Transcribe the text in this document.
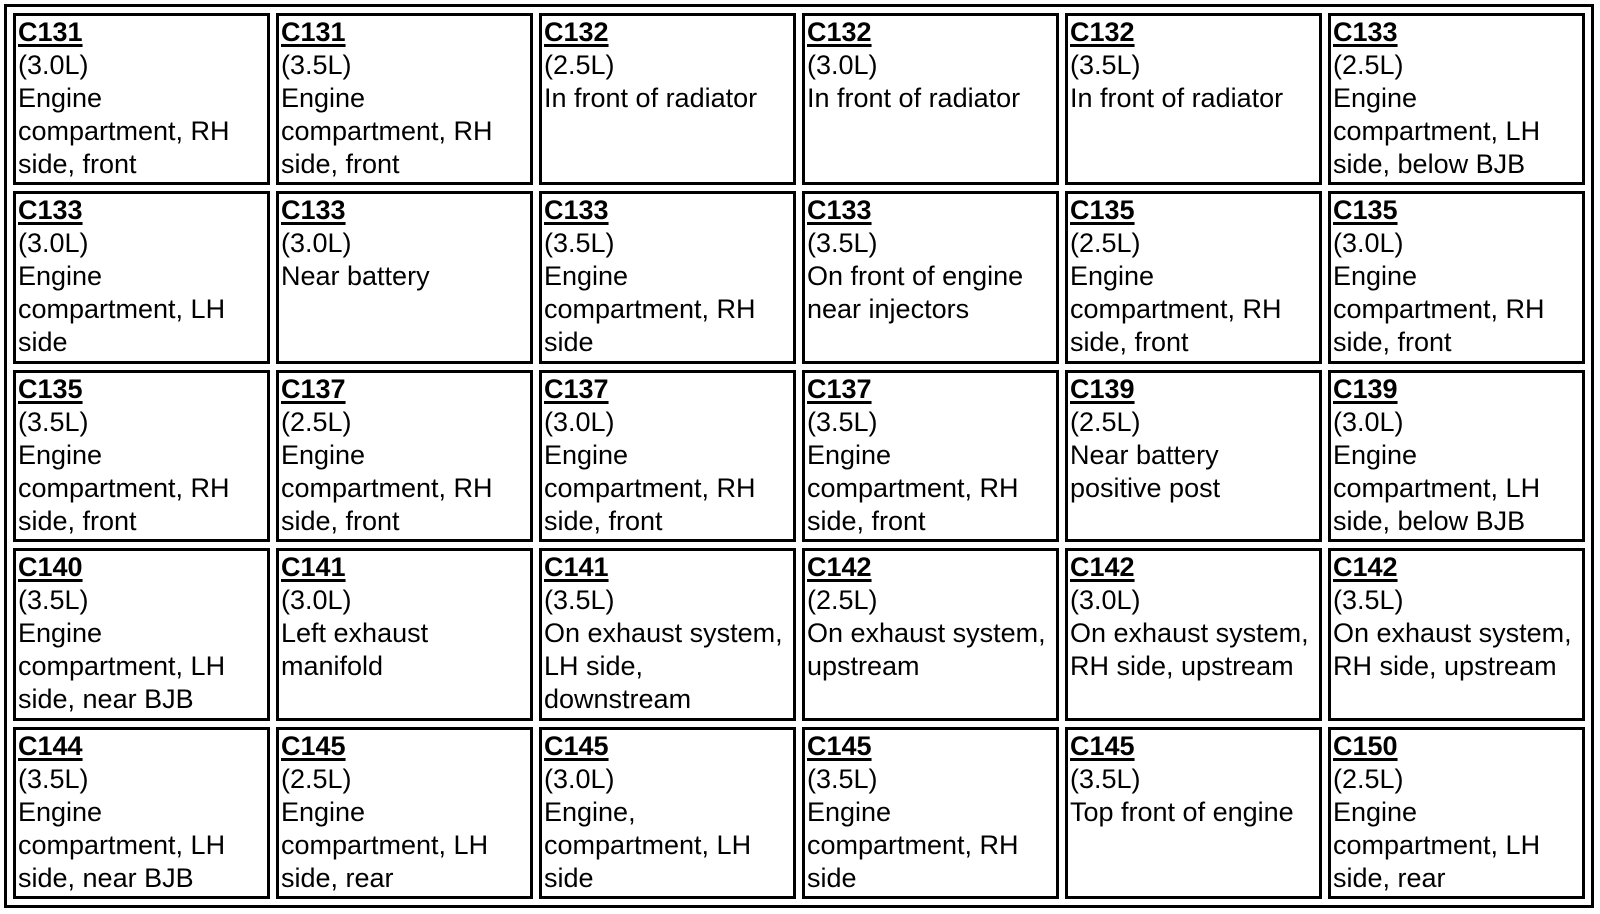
C131
(3.0L)
Engine compartment, RH side, front	C131
(3.5L)
Engine compartment, RH side, front	C132
(2.5L)
In front of radiator	C132
(3.0L)
In front of radiator	C132
(3.5L)
In front of radiator	C133
(2.5L)
Engine compartment, LH side, below BJB

C133
(3.0L)
Engine compartment, LH side	C133
(3.0L)
Near battery	C133
(3.5L)
Engine compartment, RH side	C133
(3.5L)
On front of engine near injectors	C135
(2.5L)
Engine compartment, RH side, front	C135
(3.0L)
Engine compartment, RH side, front

C135
(3.5L)
Engine compartment, RH side, front	C137
(2.5L)
Engine compartment, RH side, front	C137
(3.0L)
Engine compartment, RH side, front	C137
(3.5L)
Engine compartment, RH side, front	C139
(2.5L)
Near battery positive post	C139
(3.0L)
Engine compartment, LH side, below BJB

C140
(3.5L)
Engine compartment, LH side, near BJB	C141
(3.0L)
Left exhaust manifold	C141
(3.5L)
On exhaust system, LH side, downstream	C142
(2.5L)
On exhaust system, upstream	C142
(3.0L)
On exhaust system, RH side, upstream	C142
(3.5L)
On exhaust system, RH side, upstream

C144
(3.5L)
Engine compartment, LH side, near BJB	C145
(2.5L)
Engine compartment, LH side, rear	C145
(3.0L)
Engine, compartment, LH side	C145
(3.5L)
Engine compartment, RH side	C145
(3.5L)
Top front of engine	C150
(2.5L)
Engine compartment, LH side, rear
